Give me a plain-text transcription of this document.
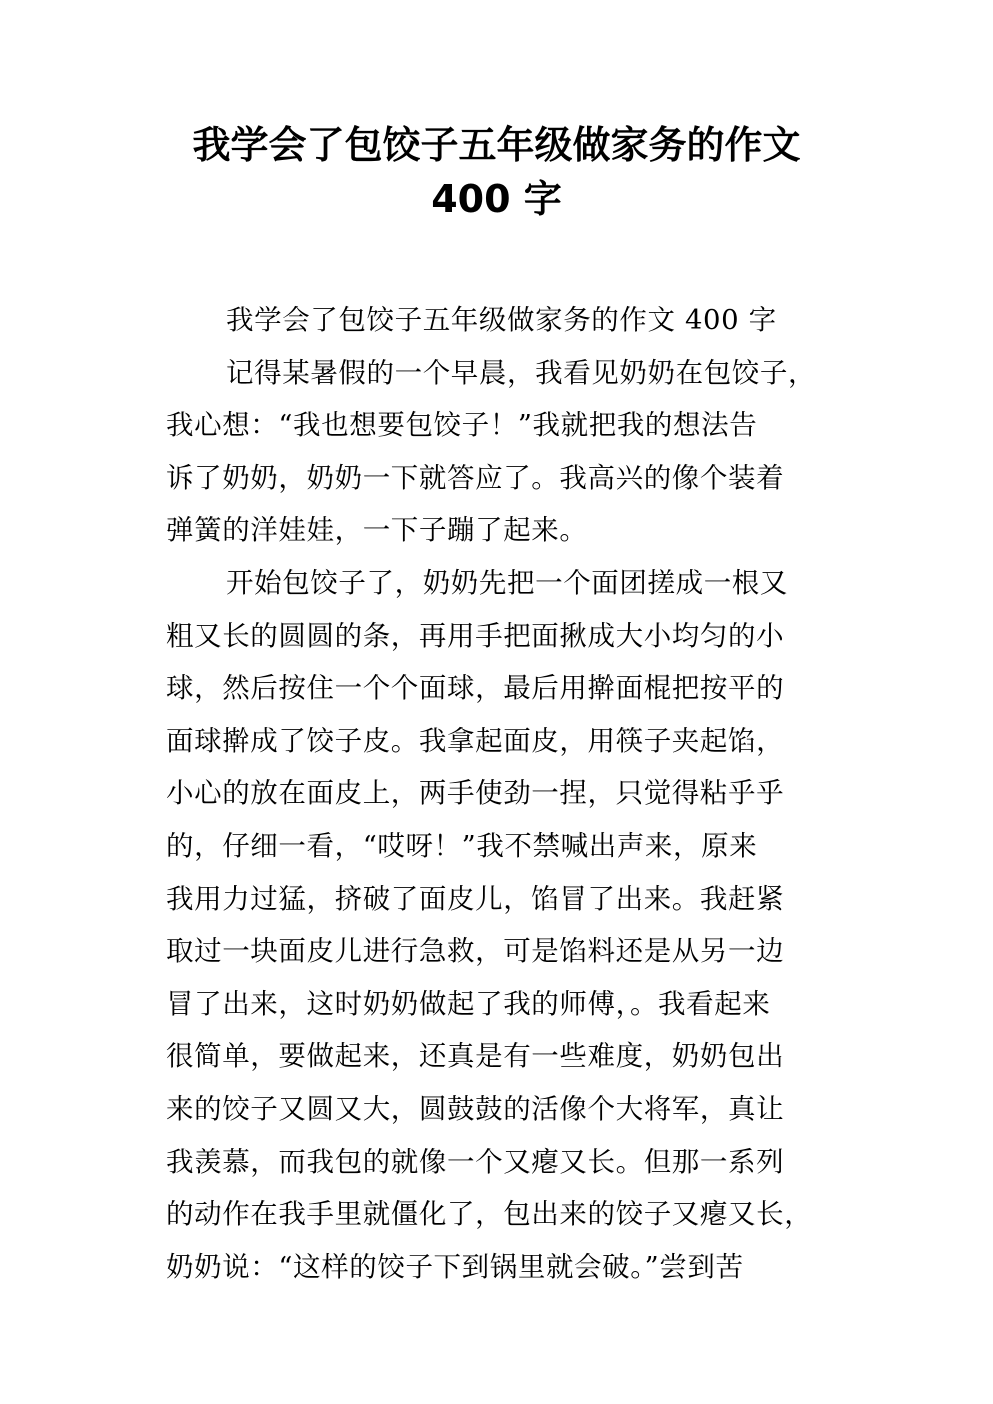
我学会了包饺子五年级做家务的作文
400 字
我学会了包饺子五年级做家务的作文 400 字
记得某暑假的一个早晨，我看见奶奶在包饺子，
我心想：“我也想要包饺子！”我就把我的想法告
诉了奶奶，奶奶一下就答应了。我高兴的像个装着
弹簧的洋娃娃，一下子蹦了起来。
开始包饺子了，奶奶先把一个面团搓成一根又
粗又长的圆圆的条，再用手把面揪成大小均匀的小
球，然后按住一个个面球，最后用擀面棍把按平的
面球擀成了饺子皮。我拿起面皮，用筷子夹起馅，
小心的放在面皮上，两手使劲一捏，只觉得粘乎乎
的，仔细一看，“哎呀！”我不禁喊出声来，原来
我用力过猛，挤破了面皮儿，馅冒了出来。我赶紧
取过一块面皮儿进行急救，可是馅料还是从另一边
冒了出来，这时奶奶做起了我的师傅，。我看起来
很简单，要做起来，还真是有一些难度，奶奶包出
来的饺子又圆又大，圆鼓鼓的活像个大将军，真让
我羡慕，而我包的就像一个又瘪又长。但那一系列
的动作在我手里就僵化了，包出来的饺子又瘪又长，
奶奶说：“这样的饺子下到锅里就会破。”尝到苦
